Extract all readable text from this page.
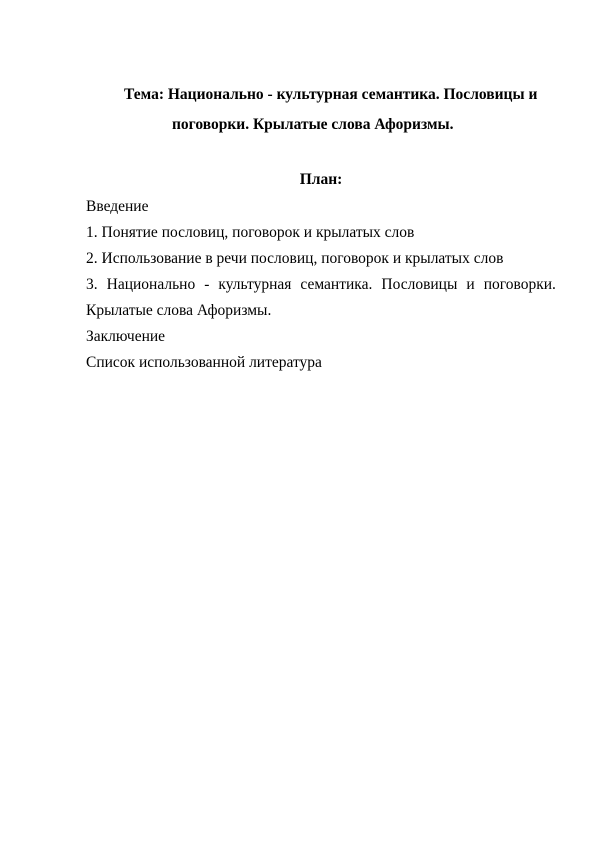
Тема: Национально - культурная семантика. Пословицы и
поговорки. Крылатые слова Афоризмы.
План:
Введение
1. Понятие пословиц, поговорок и крылатых слов
2. Использование в речи пословиц, поговорок и крылатых слов
3. Национально - культурная семантика. Пословицы и поговорки.
Крылатые слова Афоризмы.
Заключение
Список использованной литература
